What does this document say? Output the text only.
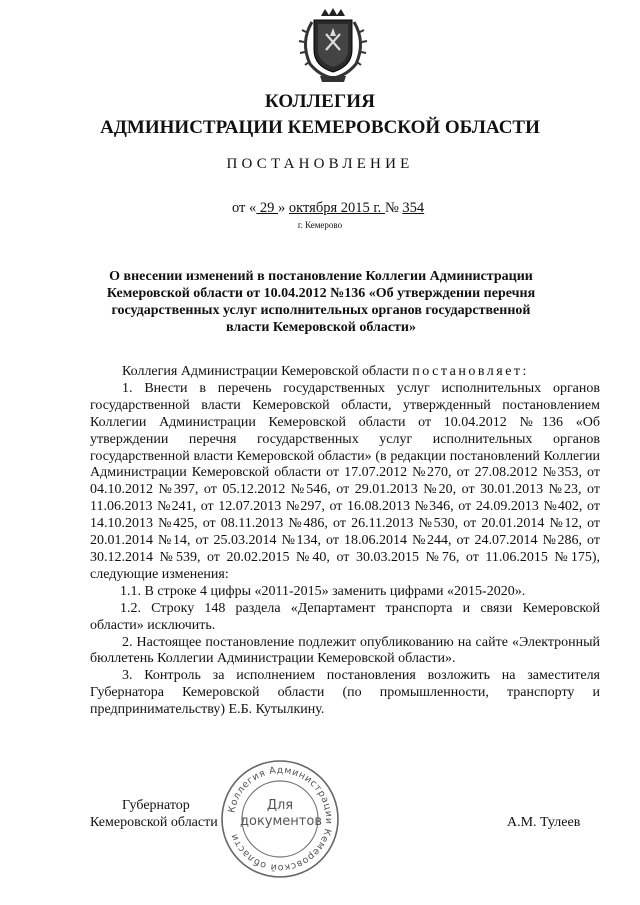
КОЛЛЕГИЯ
АДМИНИСТРАЦИИ КЕМЕРОВСКОЙ ОБЛАСТИ
ПОСТАНОВЛЕНИЕ
от « 29 » октября 2015 г. № 354
г. Кемерово
О внесении изменений в постановление Коллегии Администрации Кемеровской области от 10.04.2012 №136 «Об утверждении перечня государственных услуг исполнительных органов государственной власти Кемеровской области»

Коллегия Администрации Кемеровской области постановляет:

1. Внести в перечень государственных услуг исполнительных органов государственной власти Кемеровской области, утвержденный постановлением Коллегии Администрации Кемеровской области от 10.04.2012 №136 «Об утверждении перечня государственных услуг исполнительных органов государственной власти Кемеровской области» (в редакции постановлений Коллегии Администрации Кемеровской области от 17.07.2012 №270, от 27.08.2012 №353, от 04.10.2012 №397, от 05.12.2012 №546, от 29.01.2013 №20, от 30.01.2013 №23, от 11.06.2013 №241, от 12.07.2013 №297, от 16.08.2013 №346, от 24.09.2013 №402, от 14.10.2013 №425, от 08.11.2013 №486, от 26.11.2013 №530, от 20.01.2014 №12, от 20.01.2014 №14, от 25.03.2014 №134, от 18.06.2014 №244, от 24.07.2014 №286, от 30.12.2014 №539, от 20.02.2015 №40, от 30.03.2015 №76, от 11.06.2015 №175), следующие изменения:

1.1. В строке 4 цифры «2011-2015» заменить цифрами «2015-2020».

1.2. Строку 148 раздела «Департамент транспорта и связи Кемеровской области» исключить.

2. Настоящее постановление подлежит опубликованию на сайте «Электронный бюллетень Коллегии Администрации Кемеровской области».

3. Контроль за исполнением постановления возложить на заместителя Губернатора Кемеровской области (по промышленности, транспорту и предпринимательству) Е.Б. Кутылкину.

Коллегия Администрации Кемеровской области
Для
документов
Губернатор
Кемеровской области	А.М. Тулеев
